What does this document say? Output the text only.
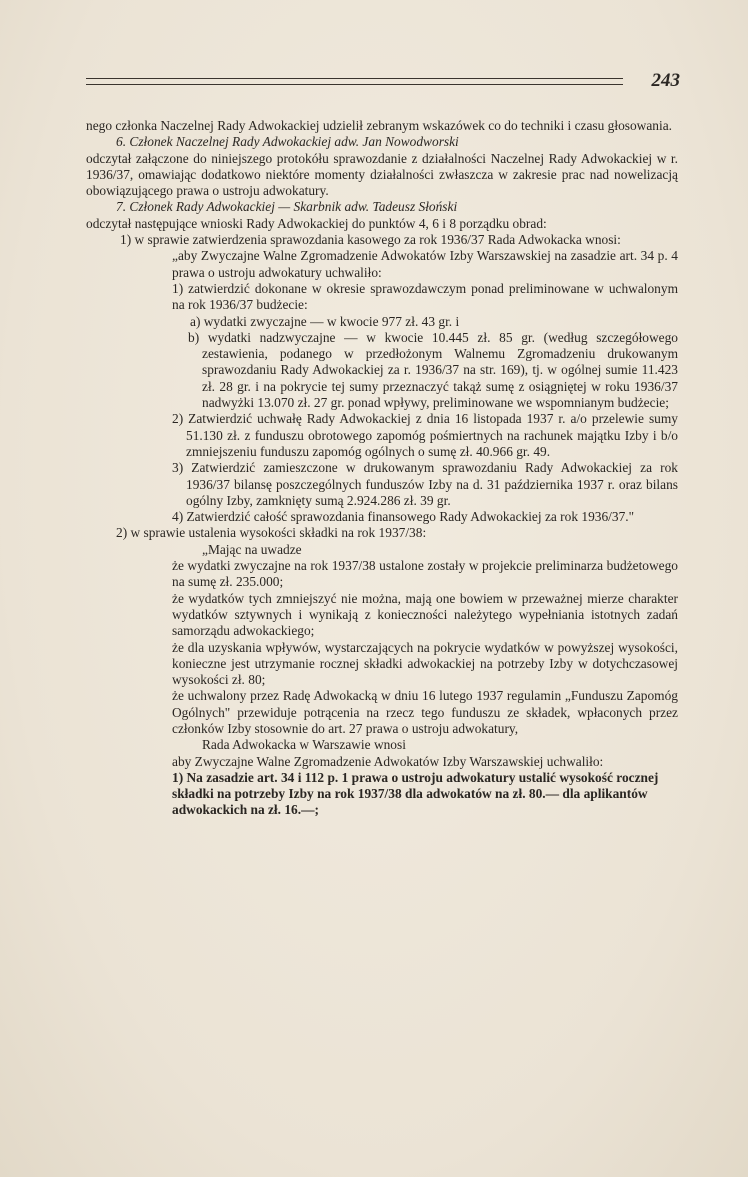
243

nego członka Naczelnej Rady Adwokackiej udzielił zebranym wskazówek co do techniki i czasu głosowania.

6. Członek Naczelnej Rady Adwokackiej adw. Jan Nowodworski

odczytał załączone do niniejszego protokółu sprawozdanie z działalności Naczelnej Rady Adwokackiej w r. 1936/37, omawiając dodatkowo niektóre momenty działalności zwłaszcza w zakresie prac nad nowelizacją obowiązującego prawa o ustroju adwokatury.

7. Członek Rady Adwokackiej — Skarbnik adw. Tadeusz Słoński

odczytał następujące wnioski Rady Adwokackiej do punktów 4, 6 i 8 porządku obrad:

1) w sprawie zatwierdzenia sprawozdania kasowego za rok 1936/37 Rada Adwokacka wnosi:

„aby Zwyczajne Walne Zgromadzenie Adwokatów Izby Warszawskiej na zasadzie art. 34 p. 4 prawa o ustroju adwokatury uchwaliło:

1) zatwierdzić dokonane w okresie sprawozdawczym ponad preliminowane w uchwalonym na rok 1936/37 budżecie:

a) wydatki zwyczajne — w kwocie 977 zł. 43 gr. i

b) wydatki nadzwyczajne — w kwocie 10.445 zł. 85 gr. (według szczegółowego zestawienia, podanego w przedłożonym Walnemu Zgromadzeniu drukowanym sprawozdaniu Rady Adwokackiej za r. 1936/37 na str. 169), tj. w ogólnej sumie 11.423 zł. 28 gr. i na pokrycie tej sumy przeznaczyć takąż sumę z osiągniętej w roku 1936/37 nadwyżki 13.070 zł. 27 gr. ponad wpływy, preliminowane we wspomnianym budżecie;

2) Zatwierdzić uchwałę Rady Adwokackiej z dnia 16 listopada 1937 r. a/o przelewie sumy 51.130 zł. z funduszu obrotowego zapomóg pośmiertnych na rachunek majątku Izby i b/o zmniejszeniu funduszu zapomóg ogólnych o sumę zł. 40.966 gr. 49.

3) Zatwierdzić zamieszczone w drukowanym sprawozdaniu Rady Adwokackiej za rok 1936/37 bilansę poszczególnych funduszów Izby na d. 31 października 1937 r. oraz bilans ogólny Izby, zamknięty sumą 2.924.286 zł. 39 gr.

4) Zatwierdzić całość sprawozdania finansowego Rady Adwokackiej za rok 1936/37."

2) w sprawie ustalenia wysokości składki na rok 1937/38:

„Mając na uwadze

że wydatki zwyczajne na rok 1937/38 ustalone zostały w projekcie preliminarza budżetowego na sumę zł. 235.000;

że wydatków tych zmniejszyć nie można, mają one bowiem w przeważnej mierze charakter wydatków sztywnych i wynikają z konieczności należytego wypełniania istotnych zadań samorządu adwokackiego;

że dla uzyskania wpływów, wystarczających na pokrycie wydatków w powyższej wysokości, konieczne jest utrzymanie rocznej składki adwokackiej na potrzeby Izby w dotychczasowej wysokości zł. 80;

że uchwalony przez Radę Adwokacką w dniu 16 lutego 1937 regulamin „Funduszu Zapomóg Ogólnych" przewiduje potrącenia na rzecz tego funduszu ze składek, wpłaconych przez członków Izby stosownie do art. 27 prawa o ustroju adwokatury,

Rada Adwokacka w Warszawie wnosi

aby Zwyczajne Walne Zgromadzenie Adwokatów Izby Warszawskiej uchwaliło:

1) Na zasadzie art. 34 i 112 p. 1 prawa o ustroju adwokatury ustalić wysokość rocznej składki na potrzeby Izby na rok 1937/38 dla adwokatów na zł. 80.— dla aplikantów adwokackich na zł. 16.—;
